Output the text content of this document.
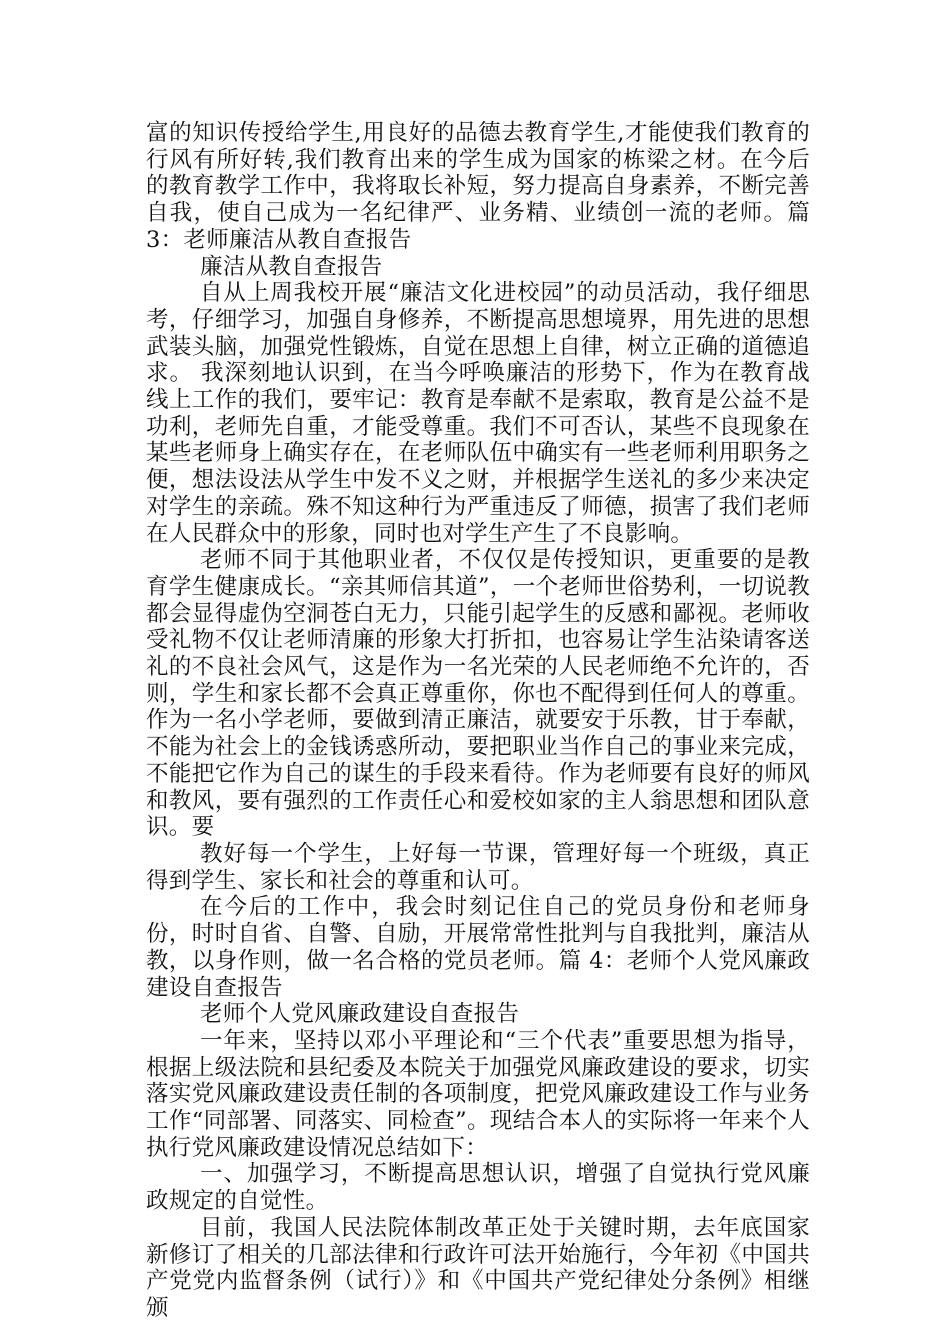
富的知识传授给学生,用良好的品德去教育学生,才能使我们教育的行风有所好转,我们教育出来的学生成为国家的栋梁之材。在今后的教育教学工作中，我将取长补短，努力提高自身素养，不断完善自我，使自己成为一名纪律严、业务精、业绩创一流的老师。篇 3：老师廉洁从教自查报告

廉洁从教自查报告

自从上周我校开展“廉洁文化进校园”的动员活动，我仔细思考，仔细学习，加强自身修养，不断提高思想境界，用先进的思想武装头脑，加强党性锻炼，自觉在思想上自律，树立正确的道德追求。 我深刻地认识到，在当今呼唤廉洁的形势下，作为在教育战线上工作的我们，要牢记：教育是奉献不是索取，教育是公益不是功利，老师先自重，才能受尊重。我们不可否认，某些不良现象在某些老师身上确实存在，在老师队伍中确实有一些老师利用职务之便，想法设法从学生中发不义之财，并根据学生送礼的多少来决定对学生的亲疏。殊不知这种行为严重违反了师德，损害了我们老师在人民群众中的形象，同时也对学生产生了不良影响。

老师不同于其他职业者，不仅仅是传授知识，更重要的是教育学生健康成长。“亲其师信其道”，一个老师世俗势利，一切说教都会显得虚伪空洞苍白无力，只能引起学生的反感和鄙视。老师收受礼物不仅让老师清廉的形象大打折扣，也容易让学生沾染请客送礼的不良社会风气，这是作为一名光荣的人民老师绝不允许的，否则，学生和家长都不会真正尊重你，你也不配得到任何人的尊重。作为一名小学老师，要做到清正廉洁，就要安于乐教，甘于奉献，不能为社会上的金钱诱惑所动，要把职业当作自己的事业来完成，不能把它作为自己的谋生的手段来看待。作为老师要有良好的师风和教风，要有强烈的工作责任心和爱校如家的主人翁思想和团队意识。要

教好每一个学生，上好每一节课，管理好每一个班级，真正得到学生、家长和社会的尊重和认可。

在今后的工作中，我会时刻记住自己的党员身份和老师身份，时时自省、自警、自励，开展常常性批判与自我批判，廉洁从教，以身作则，做一名合格的党员老师。篇 4：老师个人党风廉政建设自查报告

老师个人党风廉政建设自查报告

一年来，坚持以邓小平理论和“三个代表”重要思想为指导，根据上级法院和县纪委及本院关于加强党风廉政建设的要求，切实落实党风廉政建设责任制的各项制度，把党风廉政建设工作与业务工作“同部署、同落实、同检查”。现结合本人的实际将一年来个人执行党风廉政建设情况总结如下：

一、加强学习，不断提高思想认识，增强了自觉执行党风廉政规定的自觉性。

目前，我国人民法院体制改革正处于关键时期，去年底国家新修订了相关的几部法律和行政许可法开始施行，今年初《中国共产党党内监督条例（试行）》和《中国共产党纪律处分条例》相继颁
